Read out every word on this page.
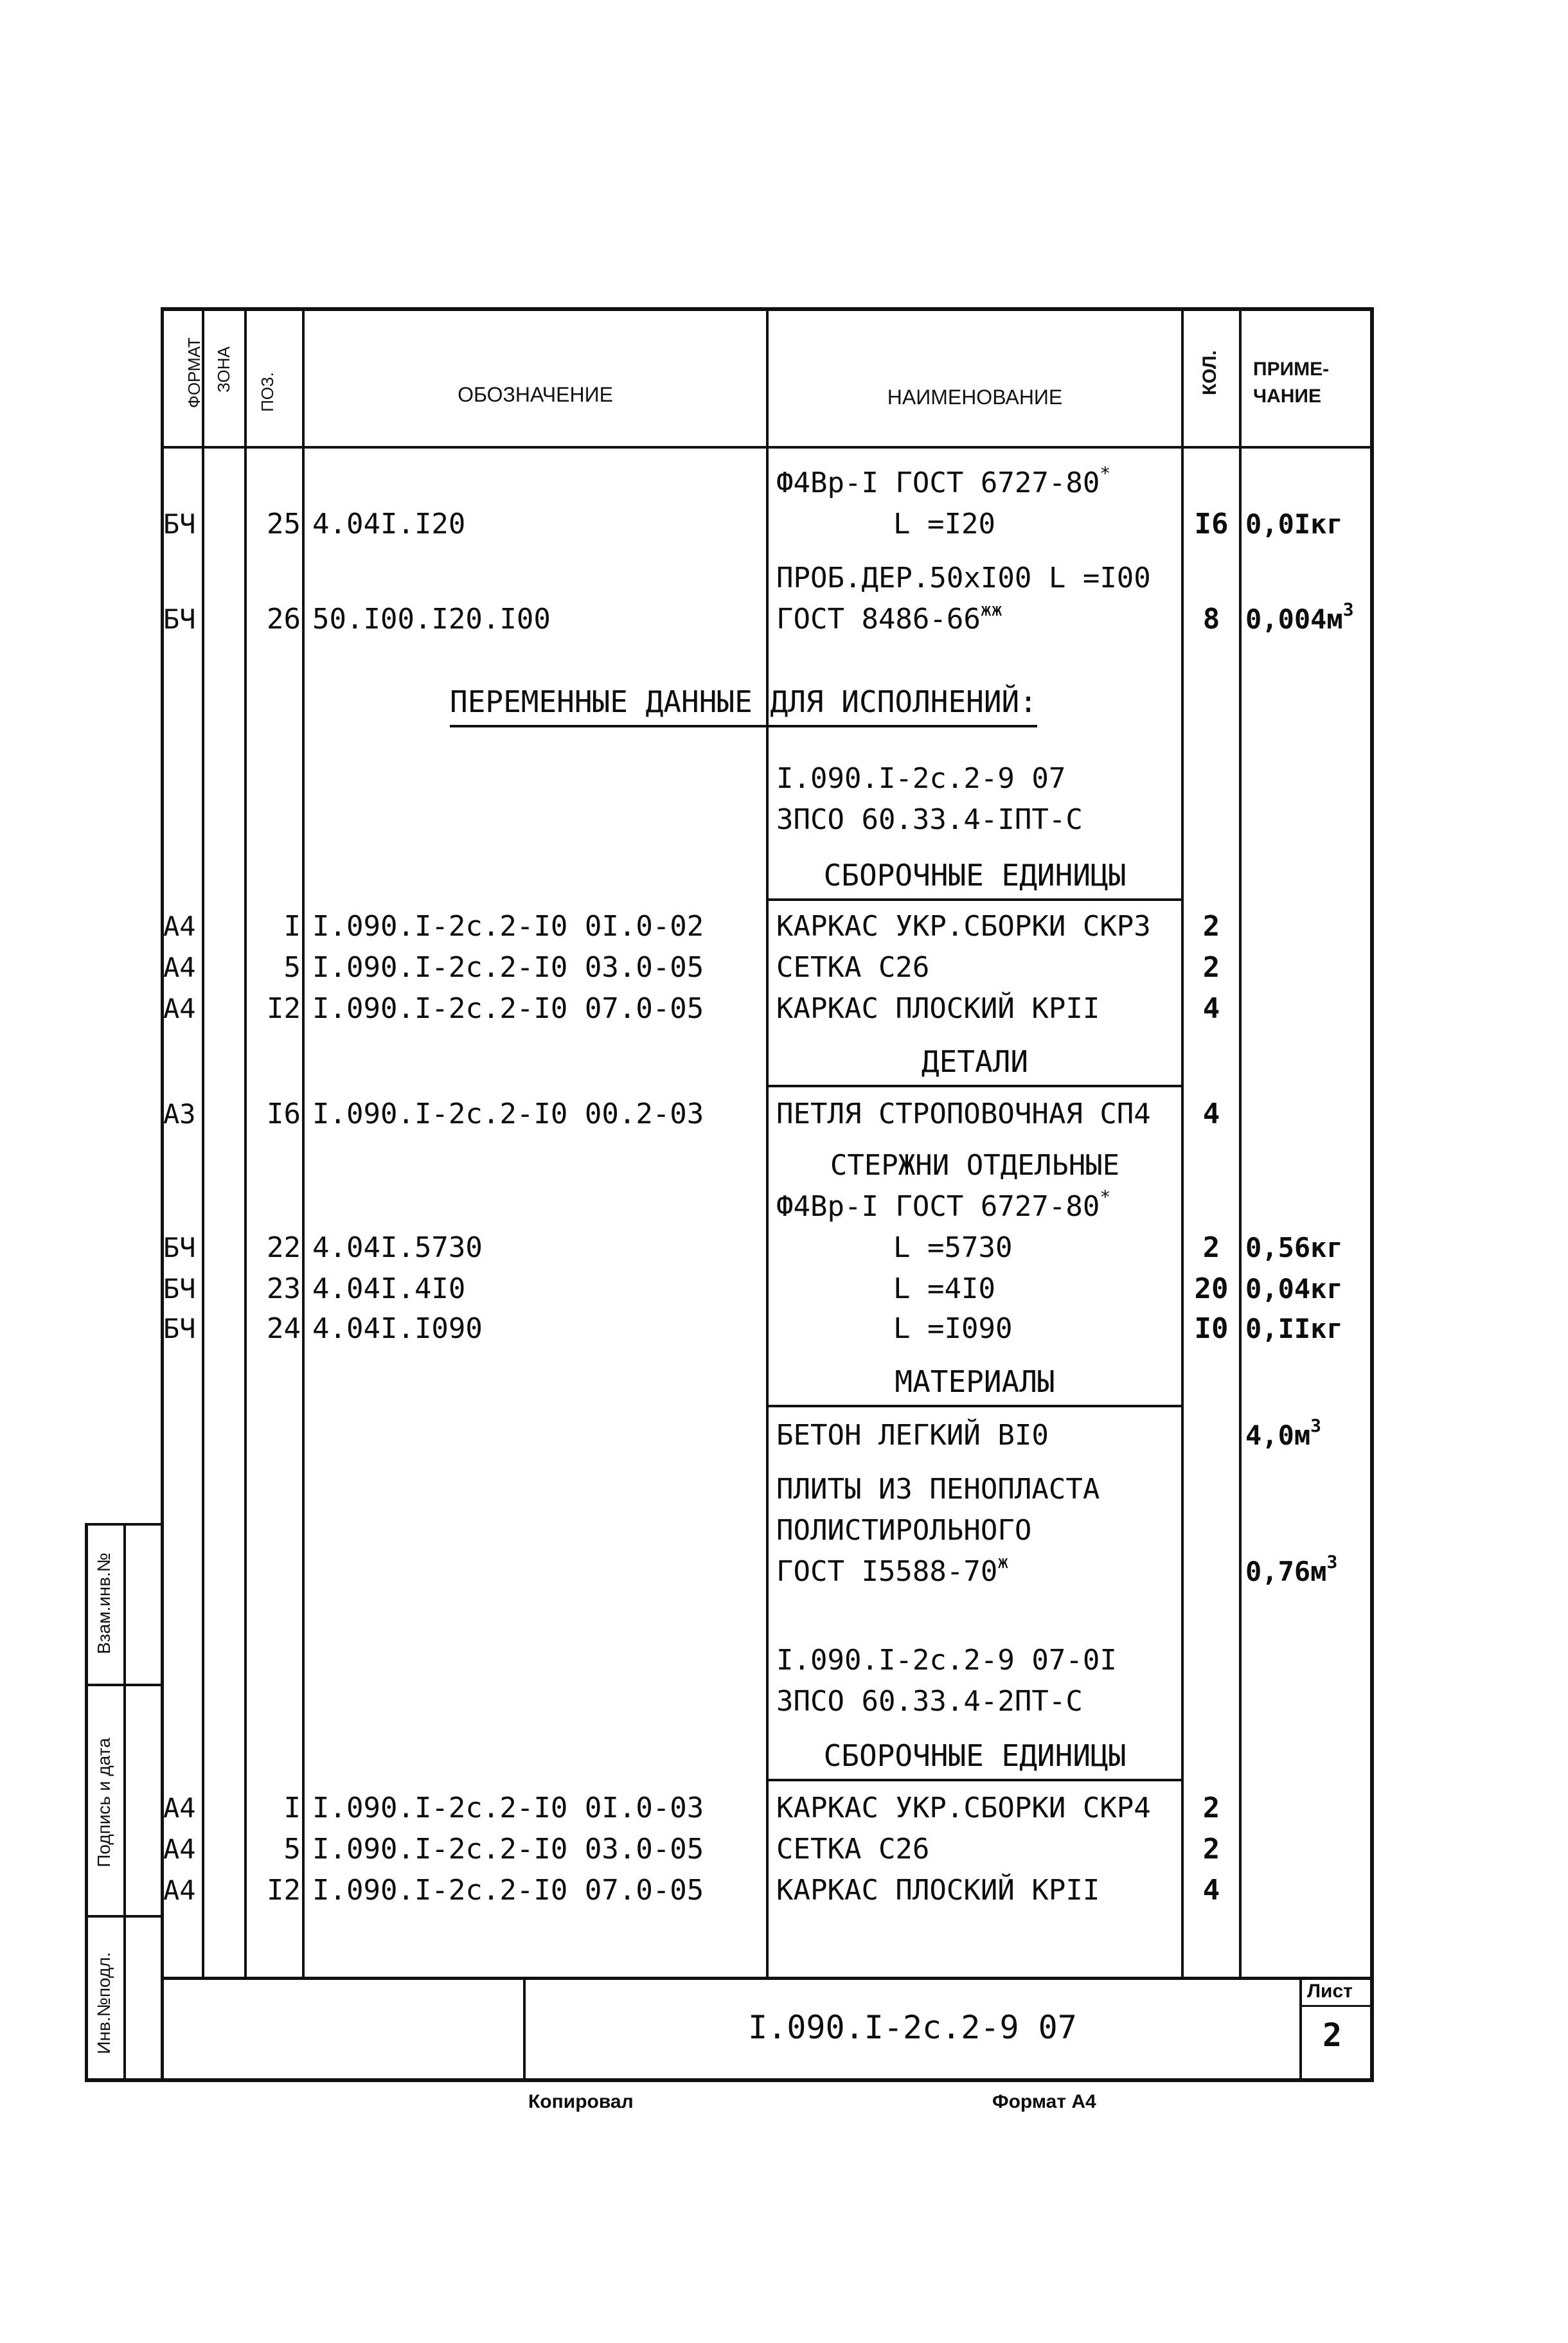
ФОРМАТ ЗОНА ПОЗ.	ОБОЗНАЧЕНИЕ	НАИМЕНОВАНИЕ
КОЛ. ПРИМЕ-
ЧАНИЕ
Ф4Вр-I ГОСТ 6727-80*
БЧ	25 4.04I.I20	L =I20	I6 0,0Iкг
ПРОБ.ДЕР.50хI00 L =I00
БЧ	26 50.I00.I20.I00	ГОСТ $8486-66^{жж}$	8 $0,004м^3$
ПЕРЕМЕННЫЕ ДАННЫЕ ДЛЯ ИСПОЛНЕНИЙ:
I.090.I-2с.2-9 07
3ПСО 60.33.4-IПТ-С
СБОРОЧНЫЕ ЕДИНИЦЫ
А4	I I.090.I-2с.2-I0 0I.0-02	КАРКАС УКР.СБОРКИ СКР3	2
А4	5 I.090.I-2с.2-I0 03.0-05	СЕТКА С26	2
А4	I2 I.090.I-2с.2-I0 07.0-05	КАРКАС ПЛОСКИЙ КРII	4
ДЕТАЛИ
А3	I6 I.090.I-2с.2-I0 00.2-03	ПЕТЛЯ СТРОПОВОЧНАЯ СП4	4
СТЕРЖНИ ОТДЕЛЬНЫЕ
Ф4Вр-I ГОСТ 6727-80*
БЧ	22 4.04I.5730	L =5730	2 0,56кг
БЧ	23 4.04I.4I0	L =4I0	20 0,04кг
БЧ	24 4.04I.I090	L =I090	I0 0,IIкг
МАТЕРИАЛЫ
БЕТОН ЛЕГКИЙ ВI0	$4,0м^3$
ПЛИТЫ ИЗ ПЕНОПЛАСТА
ПОЛИСТИРОЛЬНОГО
ГОСТ $I5588-70^ж$	$0,76м^3$
I.090.I-2с.2-9 07-0I
3ПСО 60.33.4-2ПТ-С
СБОРОЧНЫЕ ЕДИНИЦЫ
А4	I I.090.I-2с.2-I0 0I.0-03	КАРКАС УКР.СБОРКИ СКР4	2
А4	5 I.090.I-2с.2-I0 03.0-05	СЕТКА С26	2
А4	I2 I.090.I-2с.2-I0 07.0-05	КАРКАС ПЛОСКИЙ КРII	4
I.090.I-2с.2-9 07
Лист
2
Копировал	Формат А4
Инв.№подл.
Подпись и дата
Взам.инв.№
